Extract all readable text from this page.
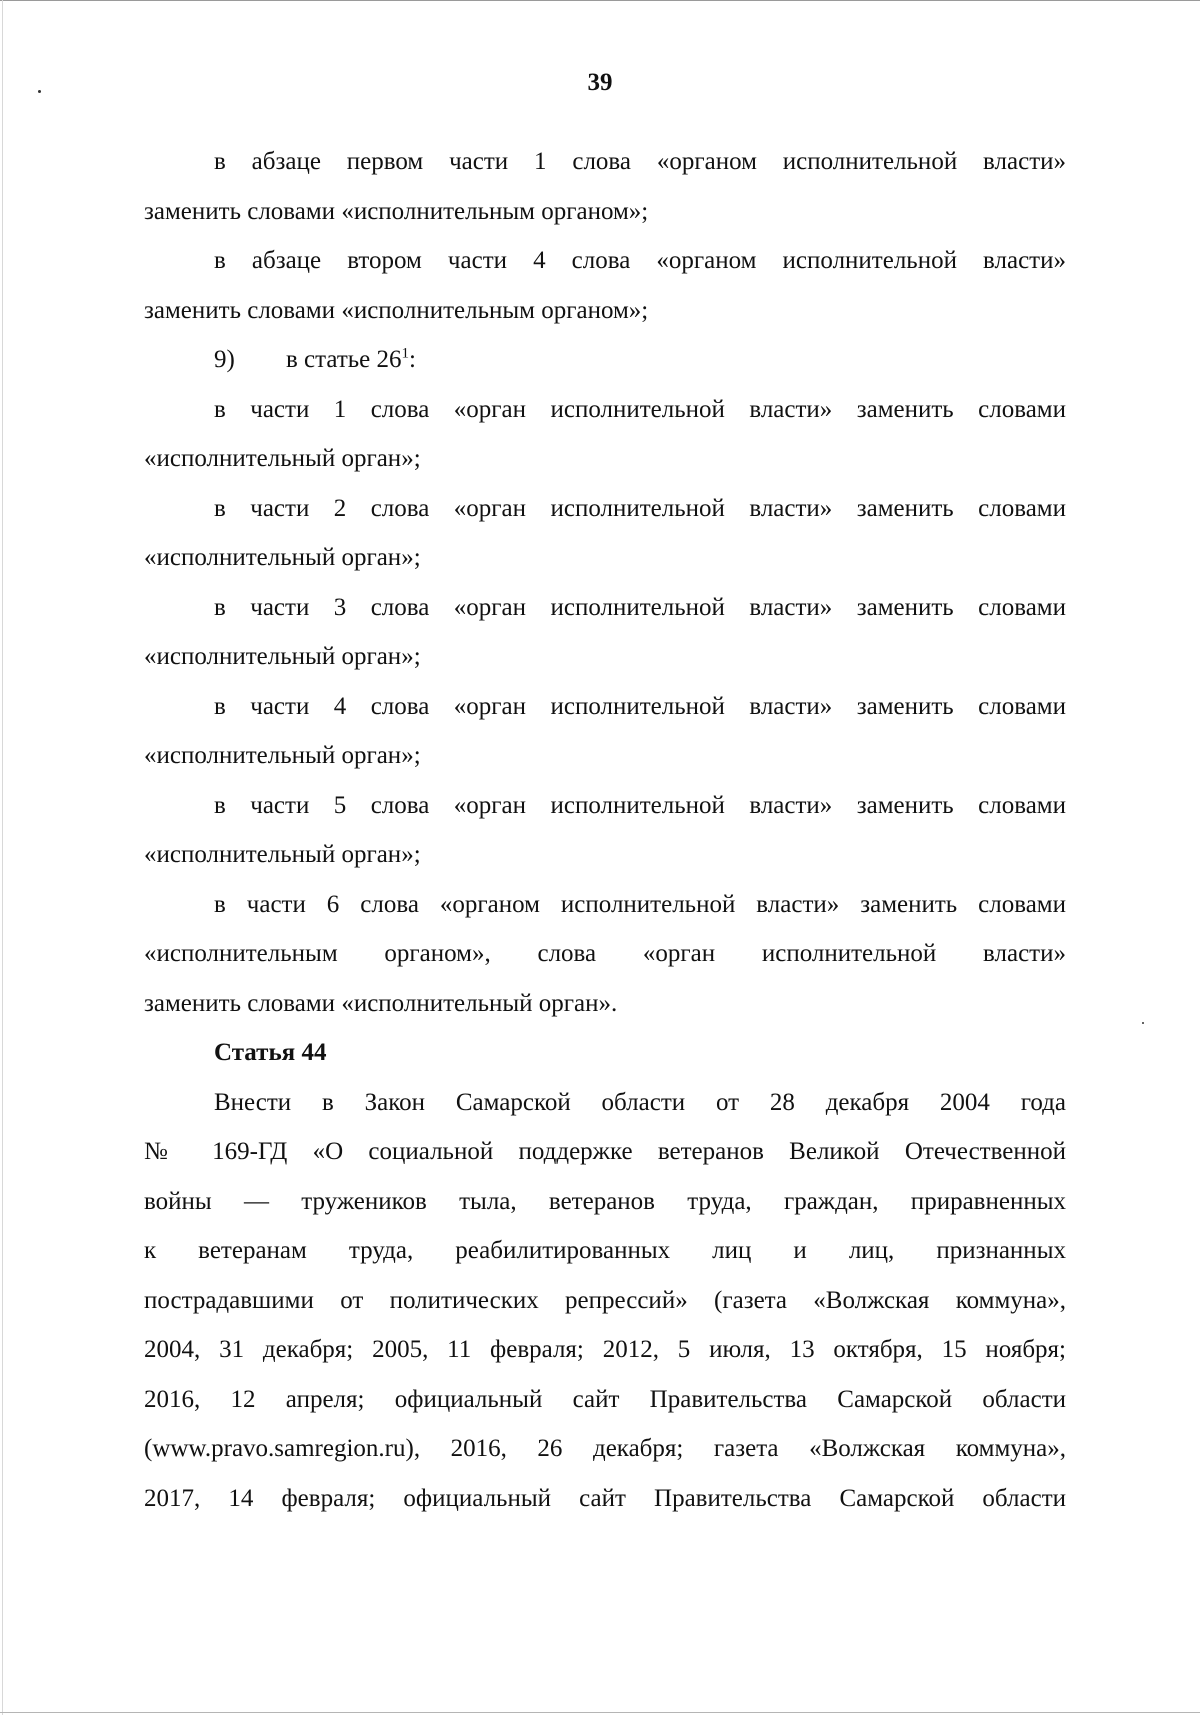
39
в абзаце первом части 1 слова «органом исполнительной власти»
заменить словами «исполнительным органом»;
в абзаце втором части 4 слова «органом исполнительной власти»
заменить словами «исполнительным органом»;
9) в статье $26^1$:
в части 1 слова «орган исполнительной власти» заменить словами
«исполнительный орган»;
в части 2 слова «орган исполнительной власти» заменить словами
«исполнительный орган»;
в части 3 слова «орган исполнительной власти» заменить словами
«исполнительный орган»;
в части 4 слова «орган исполнительной власти» заменить словами
«исполнительный орган»;
в части 5 слова «орган исполнительной власти» заменить словами
«исполнительный орган»;
в части 6 слова «органом исполнительной власти» заменить словами
«исполнительным органом», слова «орган исполнительной власти»
заменить словами «исполнительный орган».
Статья 44
Внести в Закон Самарской области от 28 декабря 2004 года
№ 169-ГД «О социальной поддержке ветеранов Великой Отечественной
войны — тружеников тыла, ветеранов труда, граждан, приравненных
к ветеранам труда, реабилитированных лиц и лиц, признанных
пострадавшими от политических репрессий» (газета «Волжская коммуна»,
2004, 31 декабря; 2005, 11 февраля; 2012, 5 июля, 13 октября, 15 ноября;
2016, 12 апреля; официальный сайт Правительства Самарской области
(www.pravo.samregion.ru), 2016, 26 декабря; газета «Волжская коммуна»,
2017, 14 февраля; официальный сайт Правительства Самарской области
